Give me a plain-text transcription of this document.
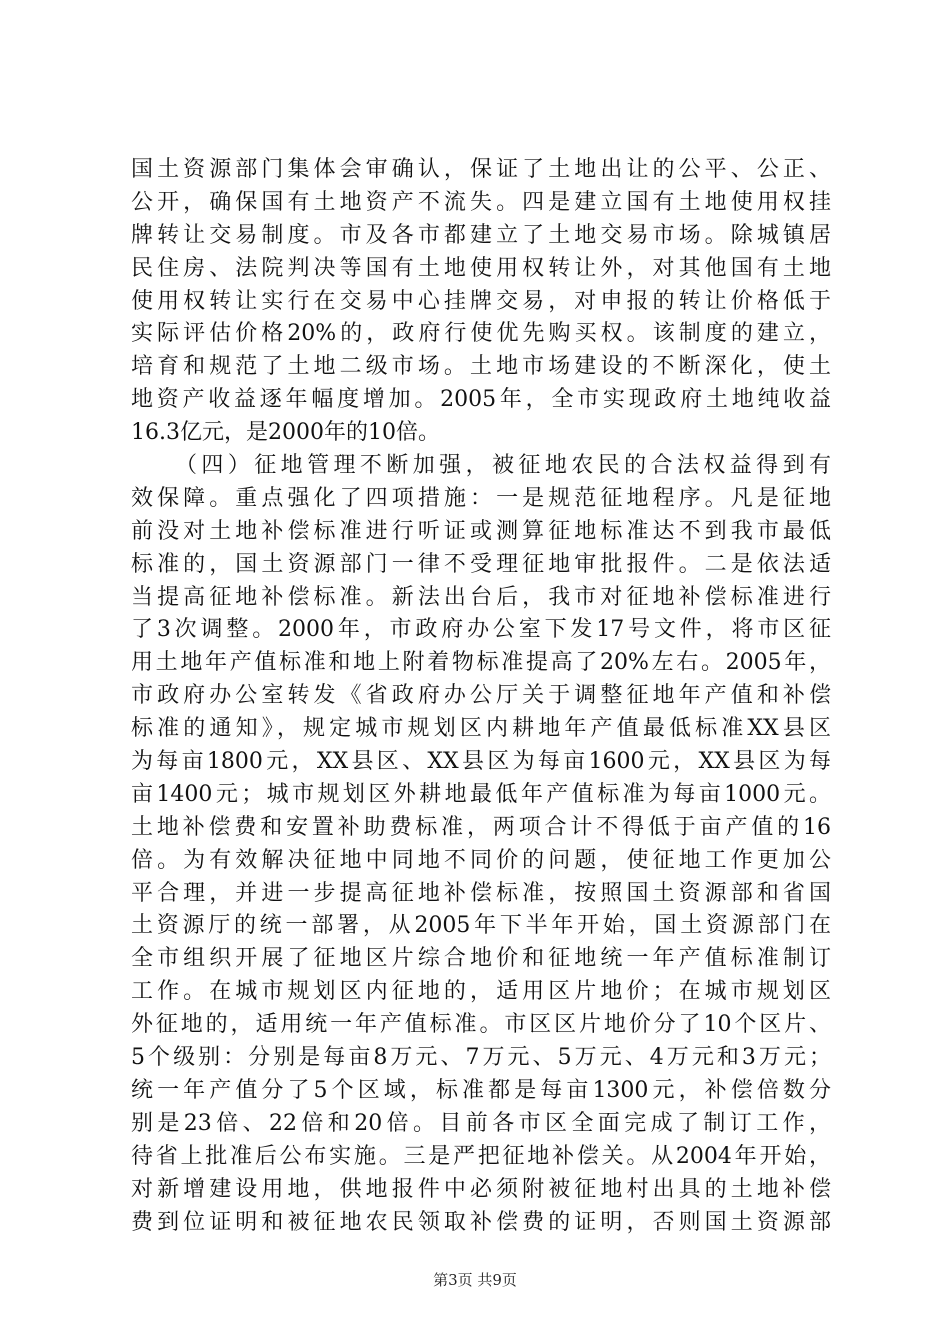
国土资源部门集体会审确认，保证了土地出让的公平、公正、
公开，确保国有土地资产不流失。四是建立国有土地使用权挂
牌转让交易制度。市及各市都建立了土地交易市场。除城镇居
民住房、法院判决等国有土地使用权转让外，对其他国有土地
使用权转让实行在交易中心挂牌交易，对申报的转让价格低于
实际评估价格20%的，政府行使优先购买权。该制度的建立，
培育和规范了土地二级市场。土地市场建设的不断深化，使土
地资产收益逐年幅度增加。2005年，全市实现政府土地纯收益
16.3亿元，是2000年的10倍。
（四）征地管理不断加强，被征地农民的合法权益得到有
效保障。重点强化了四项措施：一是规范征地程序。凡是征地
前没对土地补偿标准进行听证或测算征地标准达不到我市最低
标准的，国土资源部门一律不受理征地审批报件。二是依法适
当提高征地补偿标准。新法出台后，我市对征地补偿标准进行
了3次调整。2000年，市政府办公室下发17号文件，将市区征
用土地年产值标准和地上附着物标准提高了20%左右。2005年，
市政府办公室转发《省政府办公厅关于调整征地年产值和补偿
标准的通知》，规定城市规划区内耕地年产值最低标准XX县区
为每亩1800元，XX县区、XX县区为每亩1600元，XX县区为每
亩1400元；城市规划区外耕地最低年产值标准为每亩1000元。
土地补偿费和安置补助费标准，两项合计不得低于亩产值的16
倍。为有效解决征地中同地不同价的问题，使征地工作更加公
平合理，并进一步提高征地补偿标准，按照国土资源部和省国
土资源厅的统一部署，从2005年下半年开始，国土资源部门在
全市组织开展了征地区片综合地价和征地统一年产值标准制订
工作。在城市规划区内征地的，适用区片地价；在城市规划区
外征地的，适用统一年产值标准。市区区片地价分了10个区片、
5个级别：分别是每亩8万元、7万元、5万元、4万元和3万元；
统一年产值分了5个区域，标准都是每亩1300元，补偿倍数分
别是23倍、22倍和20倍。目前各市区全面完成了制订工作，
待省上批准后公布实施。三是严把征地补偿关。从2004年开始，
对新增建设用地，供地报件中必须附被征地村出具的土地补偿
费到位证明和被征地农民领取补偿费的证明，否则国土资源部
第3页 共9页
